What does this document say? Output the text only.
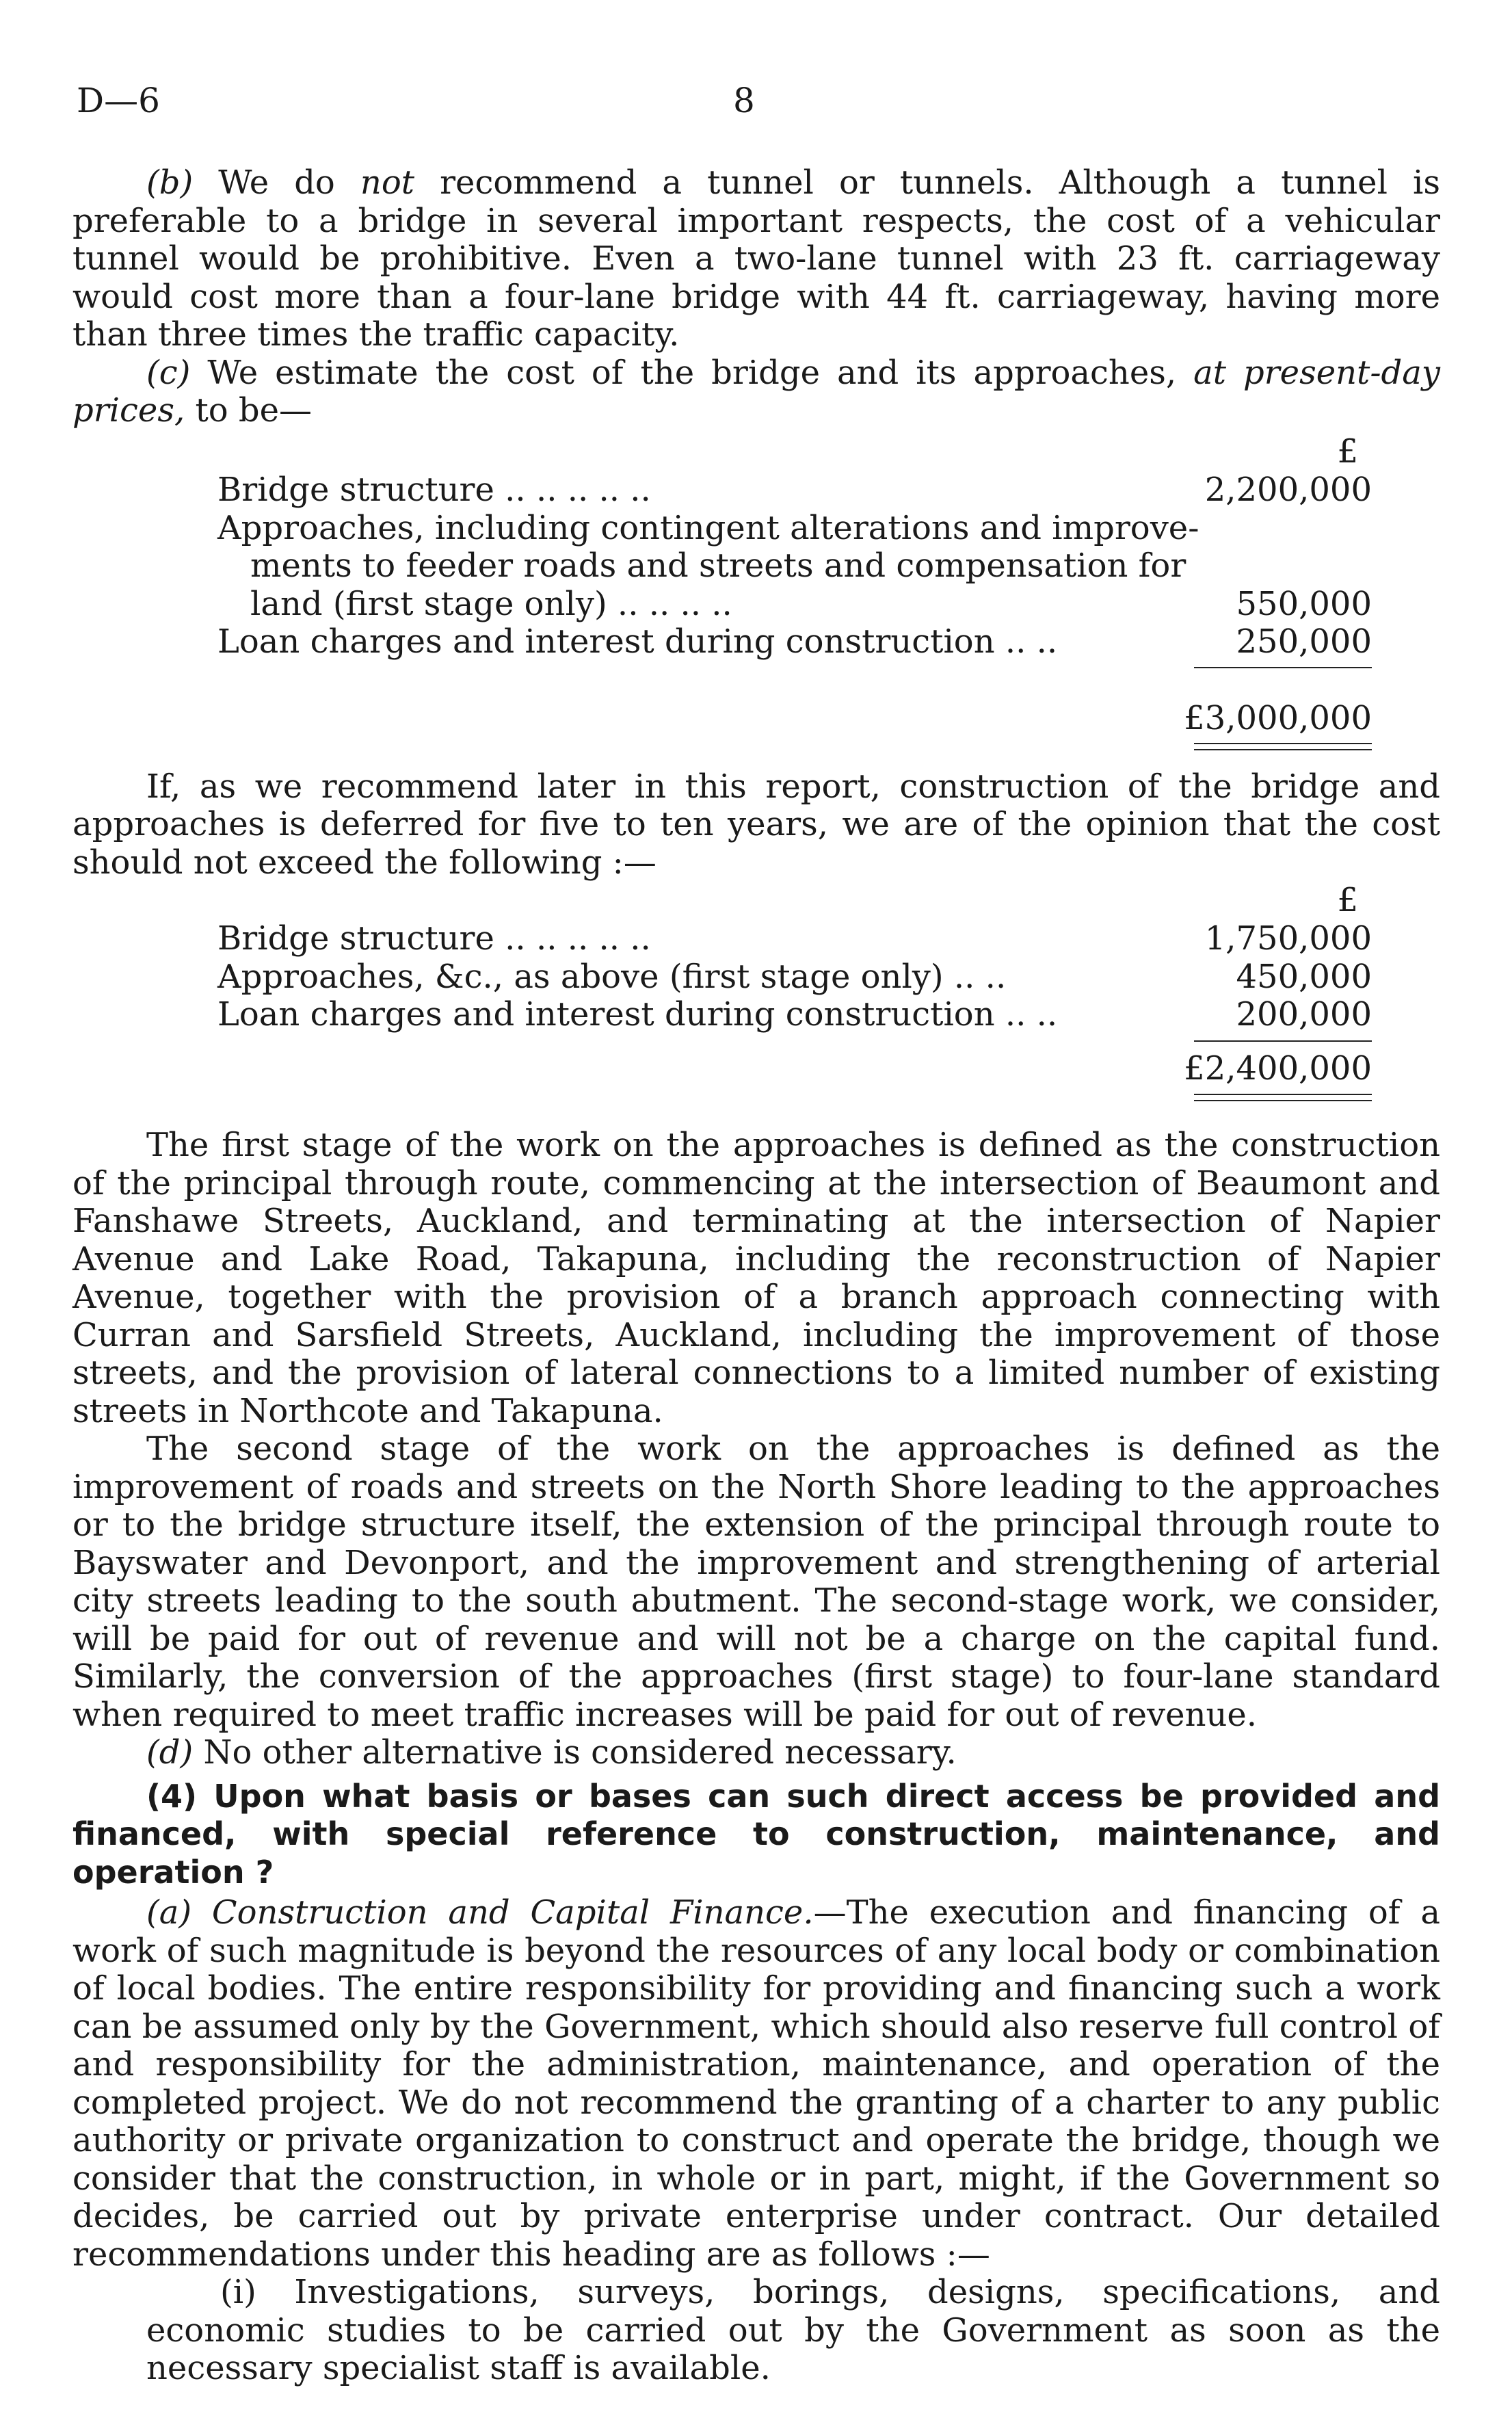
D—6	8

(b) We do not recommend a tunnel or tunnels. Although a tunnel is preferable to a bridge in several important respects, the cost of a vehicular tunnel would be prohibitive. Even a two-lane tunnel with 23 ft. carriageway would cost more than a four-lane bridge with 44 ft. carriageway, having more than three times the traffic capacity.

(c) We estimate the cost of the bridge and its approaches, at present-day prices, to be—

£
Bridge structure .. .. .. .. ..	2,200,000
Approaches, including contingent alterations and improve-
ments to feeder roads and streets and compensation for
land (first stage only) .. .. .. ..	550,000
Loan charges and interest during construction .. ..	250,000
£3,000,000

If, as we recommend later in this report, construction of the bridge and approaches is deferred for five to ten years, we are of the opinion that the cost should not exceed the following :—

£
Bridge structure .. .. .. .. ..	1,750,000
Approaches, &c., as above (first stage only) .. ..	450,000
Loan charges and interest during construction .. ..	200,000
£2,400,000

The first stage of the work on the approaches is defined as the construction of the principal through route, commencing at the intersection of Beaumont and Fanshawe Streets, Auckland, and terminating at the intersection of Napier Avenue and Lake Road, Takapuna, including the reconstruction of Napier Avenue, together with the provision of a branch approach connecting with Curran and Sarsfield Streets, Auckland, including the improvement of those streets, and the provision of lateral connections to a limited number of existing streets in Northcote and Takapuna.

The second stage of the work on the approaches is defined as the improvement of roads and streets on the North Shore leading to the approaches or to the bridge structure itself, the extension of the principal through route to Bayswater and Devonport, and the improvement and strengthening of arterial city streets leading to the south abutment. The second-stage work, we consider, will be paid for out of revenue and will not be a charge on the capital fund. Similarly, the conversion of the approaches (first stage) to four-lane standard when required to meet traffic increases will be paid for out of revenue.

(d) No other alternative is considered necessary.

(4) Upon what basis or bases can such direct access be provided and financed, with special reference to construction, maintenance, and operation ?

(a) Construction and Capital Finance.—The execution and financing of a work of such magnitude is beyond the resources of any local body or combination of local bodies. The entire responsibility for providing and financing such a work can be assumed only by the Government, which should also reserve full control of and responsibility for the administration, maintenance, and operation of the completed project. We do not recommend the granting of a charter to any public authority or private organization to construct and operate the bridge, though we consider that the construction, in whole or in part, might, if the Government so decides, be carried out by private enterprise under contract. Our detailed recommendations under this heading are as follows :—

(i) Investigations, surveys, borings, designs, specifications, and economic studies to be carried out by the Government as soon as the necessary specialist staff is available.
